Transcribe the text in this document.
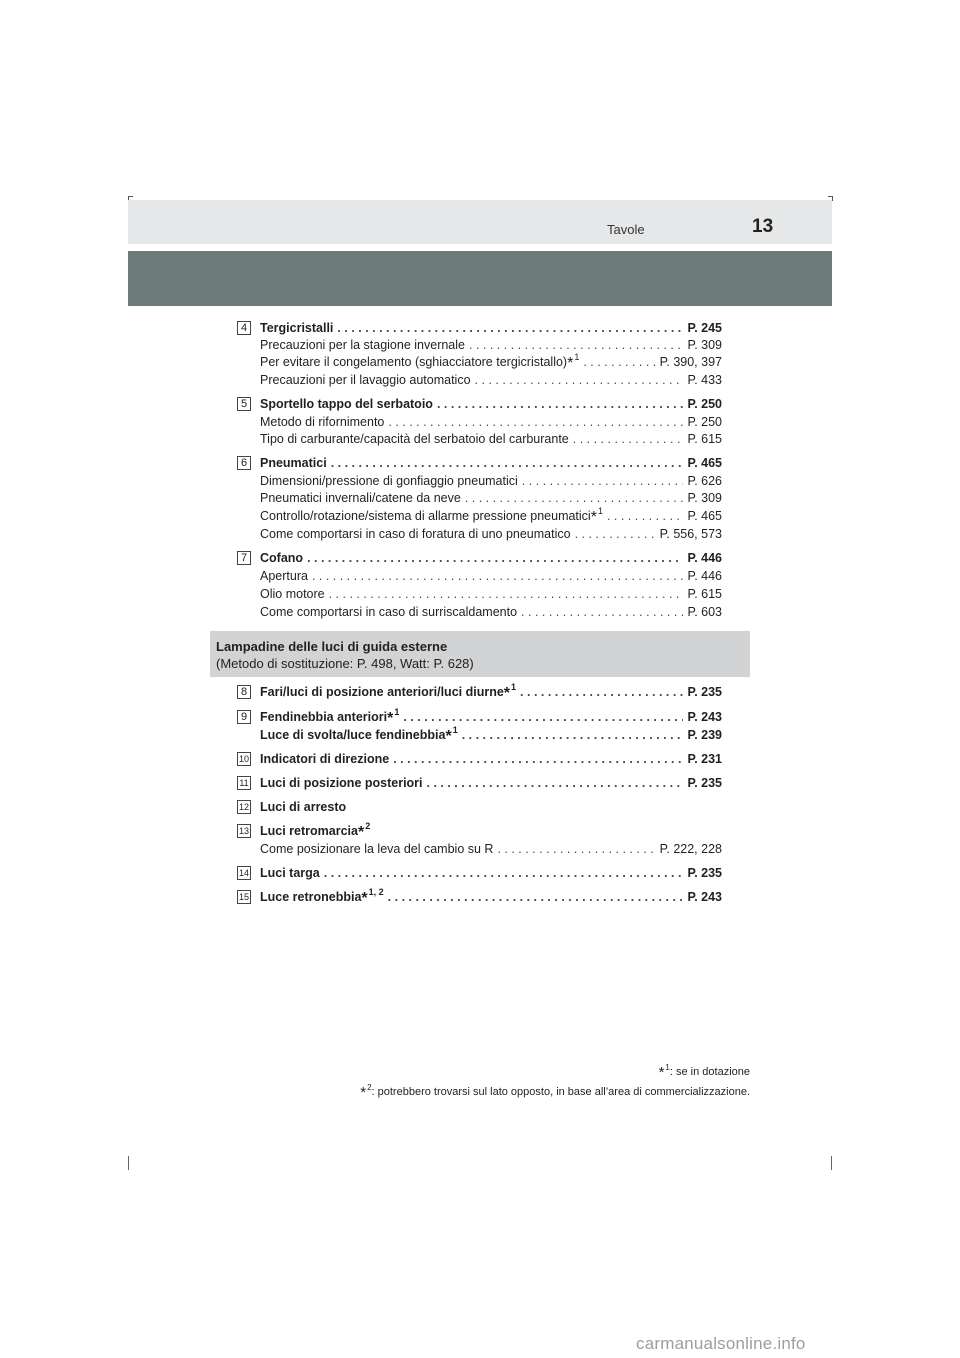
Tavole	13
4	Tergicristalli . . .	P. 245
Precauzioni per la stagione invernale . . .	P. 309
Per evitare il congelamento (sghiacciatore tergicristallo)*$^1$ . . .	P. 390, 397
Precauzioni per il lavaggio automatico . . .	P. 433
5	Sportello tappo del serbatoio . . .	P. 250
Metodo di rifornimento . . .	P. 250
Tipo di carburante/capacità del serbatoio del carburante . . .	P. 615
6	Pneumatici . . .	P. 465
Dimensioni/pressione di gonfiaggio pneumatici . . .	P. 626
Pneumatici invernali/catene da neve . . .	P. 309
Controllo/rotazione/sistema di allarme pressione pneumatici*$^1$ . . .	P. 465
Come comportarsi in caso di foratura di uno pneumatico . . .	P. 556, 573
7	Cofano . . .	P. 446
Apertura . . .	P. 446
Olio motore . . .	P. 615
Come comportarsi in caso di surriscaldamento . . .	P. 603
Lampadine delle luci di guida esterne
(Metodo di sostituzione: P. 498, Watt: P. 628)
8	Fari/luci di posizione anteriori/luci diurne*$^1$ . . .	P. 235
9	Fendinebbia anteriori*$^1$ . . .	P. 243
Luce di svolta/luce fendinebbia*$^1$ . . .	P. 239
10 Indicatori di direzione . . .	P. 231
11 Luci di posizione posteriori . . .	P. 235
12 Luci di arresto
13 Luci retromarcia*$^2$
Come posizionare la leva del cambio su R . . .	P. 222, 228
14 Luci targa . . .	P. 235
15 Luce retronebbia*$^{1, 2}$ . . .	P. 243
*$^1$: se in dotazione
*$^2$: potrebbero trovarsi sul lato opposto, in base all’area di commercializzazione.
carmanualsonline.info
